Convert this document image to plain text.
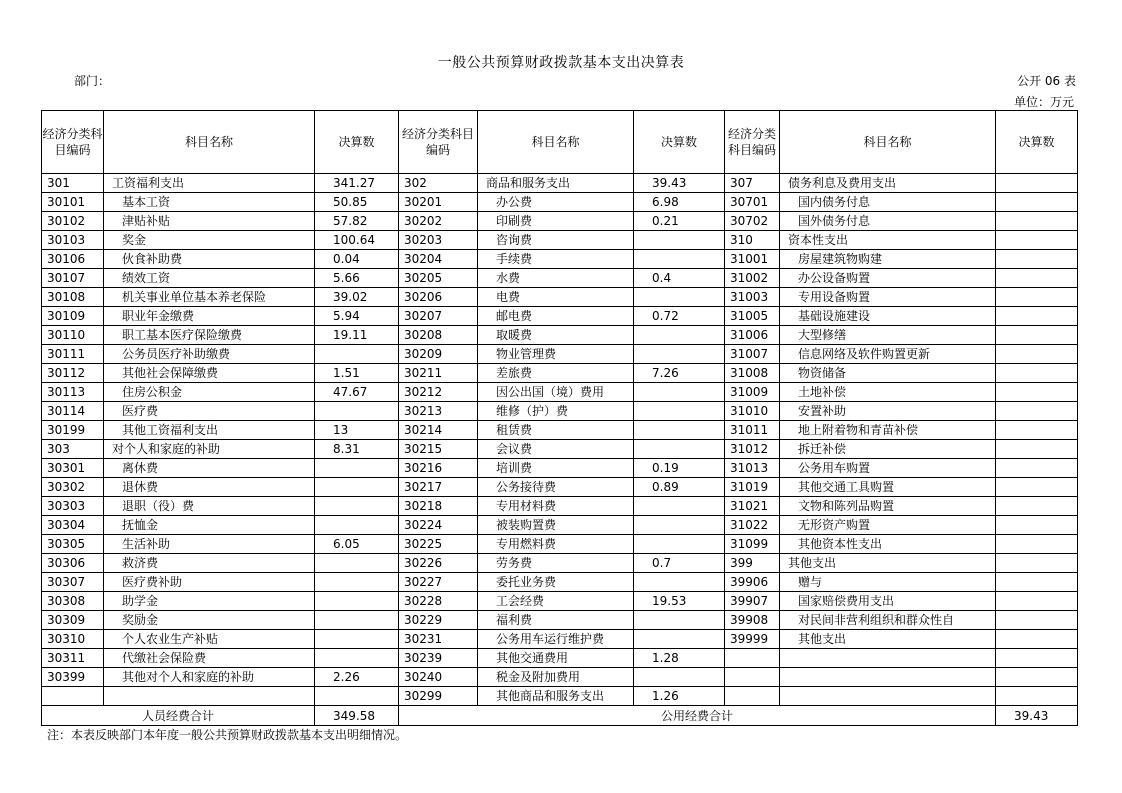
一般公共预算财政拨款基本支出决算表
部门：	公开 06 表
单位：万元
经济分类科目编码	科目名称	决算数	经济分类科目编码	科目名称	决算数	经济分类科目编码	科目名称	决算数
301	工资福利支出	341.27	302	商品和服务支出	39.43	307	债务利息及费用支出	
30101	基本工资	50.85	30201	办公费	6.98	30701	国内债务付息	
30102	津贴补贴	57.82	30202	印刷费	0.21	30702	国外债务付息	
30103	奖金	100.64	30203	咨询费		310	资本性支出	
30106	伙食补助费	0.04	30204	手续费		31001	房屋建筑物购建	
30107	绩效工资	5.66	30205	水费	0.4	31002	办公设备购置	
30108	机关事业单位基本养老保险	39.02	30206	电费		31003	专用设备购置	
30109	职业年金缴费	5.94	30207	邮电费	0.72	31005	基础设施建设	
30110	职工基本医疗保险缴费	19.11	30208	取暖费		31006	大型修缮	
30111	公务员医疗补助缴费		30209	物业管理费		31007	信息网络及软件购置更新	
30112	其他社会保障缴费	1.51	30211	差旅费	7.26	31008	物资储备	
30113	住房公积金	47.67	30212	因公出国（境）费用		31009	土地补偿	
30114	医疗费		30213	维修（护）费		31010	安置补助	
30199	其他工资福利支出	13	30214	租赁费		31011	地上附着物和青苗补偿	
303	对个人和家庭的补助	8.31	30215	会议费		31012	拆迁补偿	
30301	离休费		30216	培训费	0.19	31013	公务用车购置	
30302	退休费		30217	公务接待费	0.89	31019	其他交通工具购置	
30303	退职（役）费		30218	专用材料费		31021	文物和陈列品购置	
30304	抚恤金		30224	被装购置费		31022	无形资产购置	
30305	生活补助	6.05	30225	专用燃料费		31099	其他资本性支出	
30306	救济费		30226	劳务费	0.7	399	其他支出	
30307	医疗费补助		30227	委托业务费		39906	赠与	
30308	助学金		30228	工会经费	19.53	39907	国家赔偿费用支出	
30309	奖励金		30229	福利费		39908	对民间非营利组织和群众性自	
30310	个人农业生产补贴		30231	公务用车运行维护费		39999	其他支出	
30311	代缴社会保险费		30239	其他交通费用	1.28			
30399	其他对个人和家庭的补助	2.26	30240	税金及附加费用				
			30299	其他商品和服务支出	1.26			
人员经费合计		349.58	公用经费合计					39.43
注：本表反映部门本年度一般公共预算财政拨款基本支出明细情况。
